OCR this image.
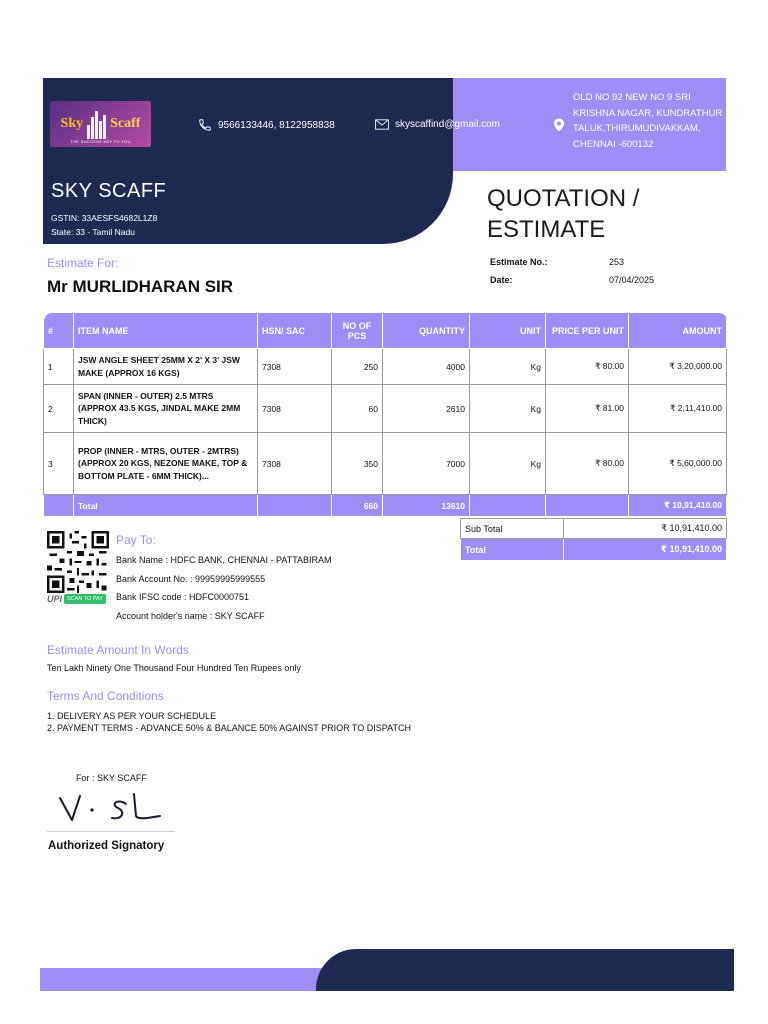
Sky Scaff
THE SUCCESS KEY TO YOU
9566133446, 8122958838	skyscaffind@gmail.com
OLD NO 92 NEW NO 9 SRI KRISHNA NAGAR, KUNDRATHUR TALUK,THIRUMUDIVAKKAM, CHENNAI -600132
SKY SCAFF
GSTIN: 33AESFS4682L1Z8
State: 33 - Tamil Nadu
QUOTATION / ESTIMATE
Estimate For:
Mr MURLIDHARAN SIR
Estimate No.:	253
Date:	07/04/2025
#	ITEM NAME	HSN/ SAC	NO OF PCS	QUANTITY	UNIT	PRICE PER UNIT	AMOUNT
1	JSW ANGLE SHEET 25MM X 2' X 3' JSW MAKE (APPROX 16 KGS)	7308	250	4000	Kg	₹ 80.00	₹ 3,20,000.00
2	SPAN (INNER - OUTER) 2.5 MTRS (APPROX 43.5 KGS, JINDAL MAKE 2MM THICK)	7308	60	2610	Kg	₹ 81.00	₹ 2,11,410.00
3	PROP (INNER - MTRS, OUTER - 2MTRS) (APPROX 20 KGS, NEZONE MAKE, TOP & BOTTOM PLATE - 6MM THICK)...	7308	350	7000	Kg	₹ 80.00	₹ 5,60,000.00
	Total		660	13610			₹ 10,91,410.00
Sub Total	₹ 10,91,410.00
Total	₹ 10,91,410.00
UPI SCAN TO PAY
Pay To:
Bank Name : HDFC BANK, CHENNAI - PATTABIRAM
Bank Account No. : 99959995999555
Bank IFSC code : HDFC0000751
Account holder's name : SKY SCAFF
Estimate Amount In Words
Ten Lakh Ninety One Thousand Four Hundred Ten Rupees only
Terms And Conditions
1. DELIVERY AS PER YOUR SCHEDULE
2. PAYMENT TERMS - ADVANCE 50% & BALANCE 50% AGAINST PRIOR TO DISPATCH
For : SKY SCAFF
Authorized Signatory
